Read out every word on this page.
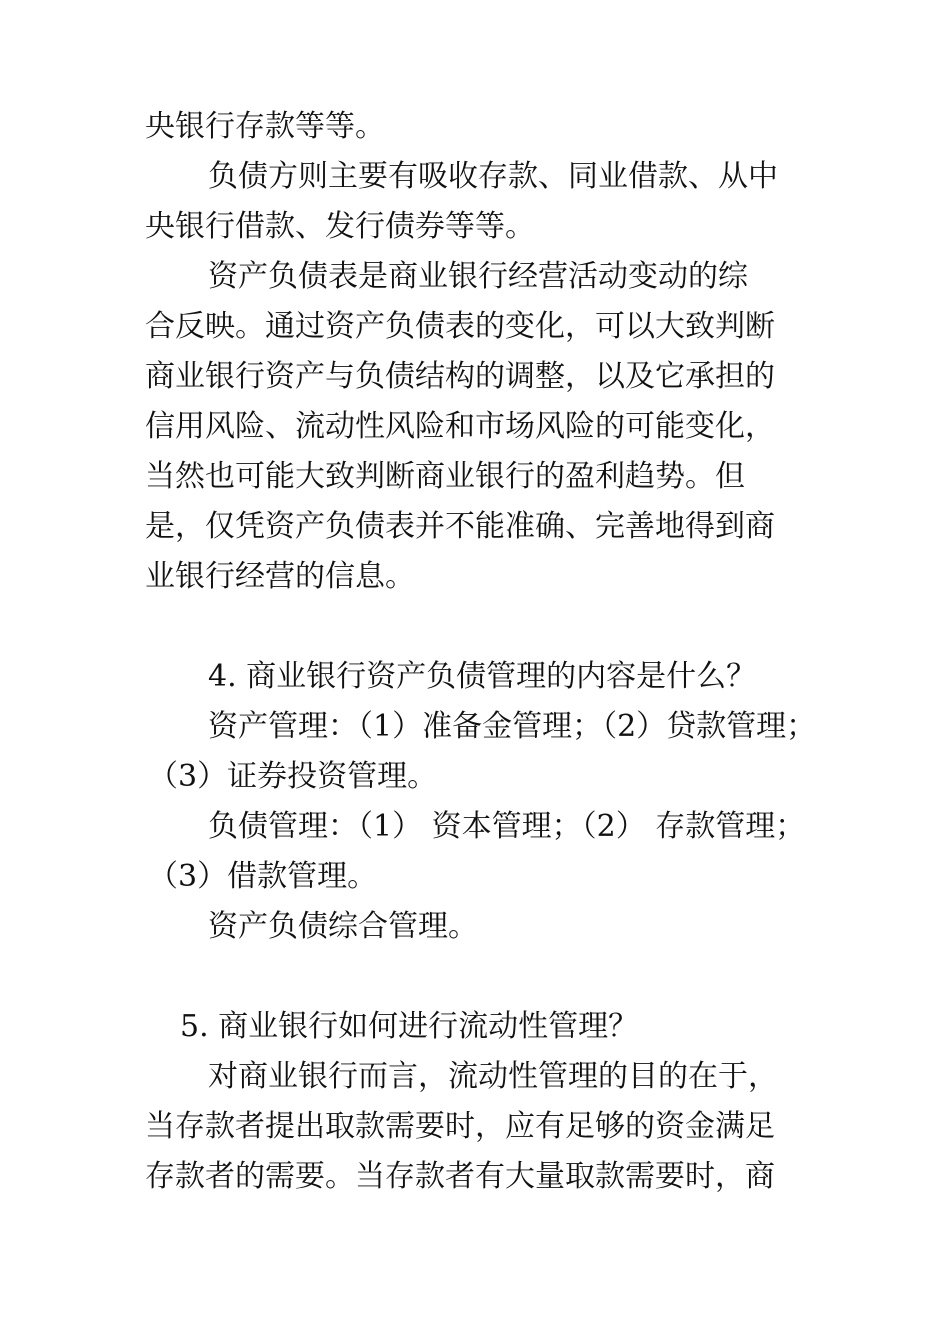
央银行存款等等。
负债方则主要有吸收存款、同业借款、从中
央银行借款、发行债券等等。
资产负债表是商业银行经营活动变动的综
合反映。通过资产负债表的变化，可以大致判断
商业银行资产与负债结构的调整，以及它承担的
信用风险、流动性风险和市场风险的可能变化，
当然也可能大致判断商业银行的盈利趋势。但
是，仅凭资产负债表并不能准确、完善地得到商
业银行经营的信息。
4. 商业银行资产负债管理的内容是什么？
资产管理：（1）准备金管理；（2）贷款管理；
（3）证券投资管理。
负债管理：（1） 资本管理；（2） 存款管理；
（3）借款管理。
资产负债综合管理。
5. 商业银行如何进行流动性管理？
对商业银行而言，流动性管理的目的在于，
当存款者提出取款需要时，应有足够的资金满足
存款者的需要。当存款者有大量取款需要时，商
